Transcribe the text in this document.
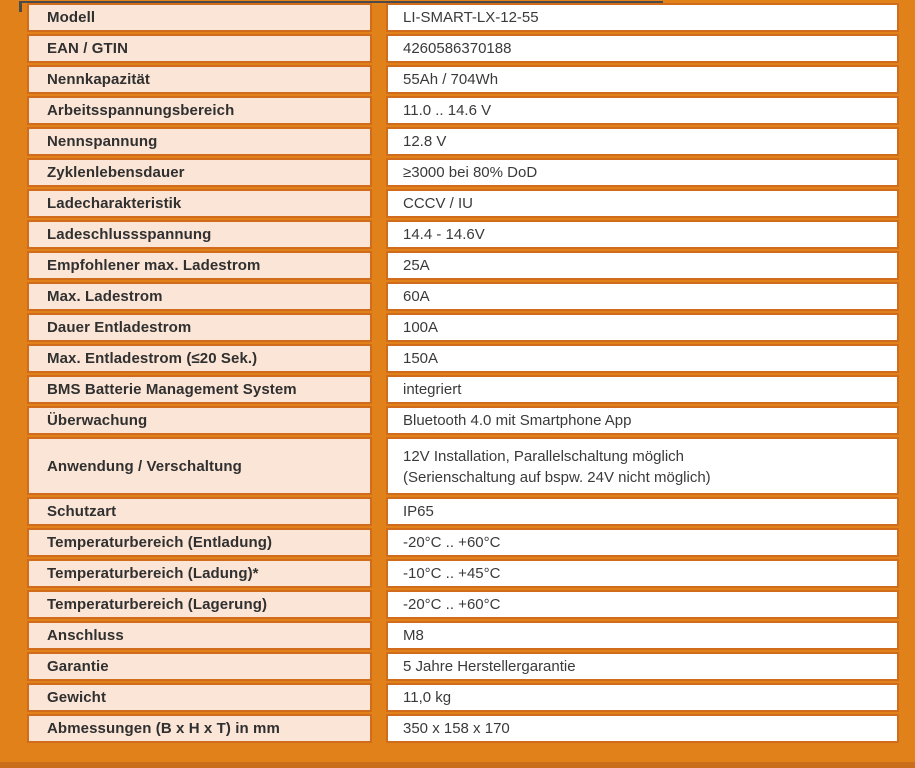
Modell	LI-SMART-LX-12-55

EAN / GTIN	4260586370188

Nennkapazität	55Ah / 704Wh

Arbeitsspannungsbereich	11.0 .. 14.6 V

Nennspannung	12.8 V

Zyklenlebensdauer	≥3000 bei 80% DoD

Ladecharakteristik	CCCV / IU

Ladeschlussspannung	14.4 - 14.6V

Empfohlener max. Ladestrom	25A

Max. Ladestrom	60A

Dauer Entladestrom	100A

Max. Entladestrom (≤20 Sek.)	150A

BMS Batterie Management System	integriert

Überwachung	Bluetooth 4.0 mit Smartphone App

Anwendung / Verschaltung	12V Installation, Parallelschaltung möglich
(Serienschaltung auf bspw. 24V nicht möglich)

Schutzart	IP65

Temperaturbereich (Entladung)	-20°C .. +60°C

Temperaturbereich (Ladung)*	-10°C .. +45°C

Temperaturbereich (Lagerung)	-20°C .. +60°C

Anschluss	M8

Garantie	5 Jahre Herstellergarantie

Gewicht	11,0 kg

Abmessungen (B x H x T) in mm	350 x 158 x 170
